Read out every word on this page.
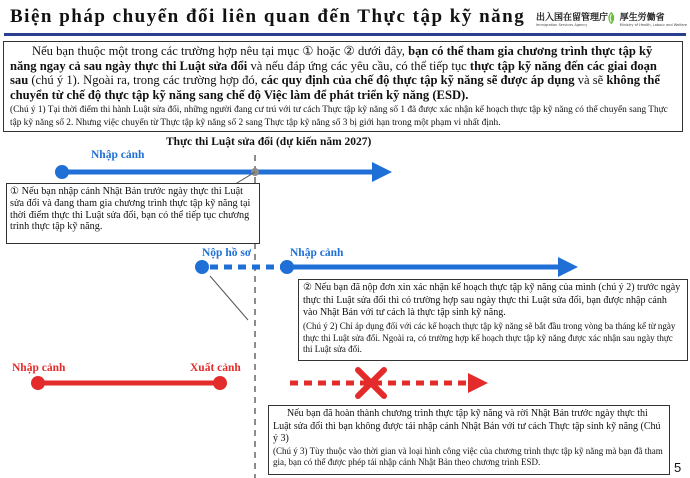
Biện pháp chuyển đổi liên quan đến Thực tập kỹ năng 出入国在留管理庁
Immigration Services Agency
厚生労働省
Ministry of Health, Labour and Welfare
Nếu bạn thuộc một trong các trường hợp nêu tại mục ① hoặc ② dưới đây, bạn có thể tham gia chương trình thực tập kỹ năng ngay cả sau ngày thực thi Luật sửa đổi và nếu đáp ứng các yêu cầu, có thể tiếp tục thực tập kỹ năng đến các giai đoạn sau (chú ý 1). Ngoài ra, trong các trường hợp đó, các quy định của chế độ thực tập kỹ năng sẽ được áp dụng và sẽ không thể chuyển từ chế độ thực tập kỹ năng sang chế độ Việc làm để phát triển kỹ năng (ESD).
(Chú ý 1) Tại thời điểm thi hành Luật sửa đổi, những người đang cư trú với tư cách Thực tập kỹ năng số 1 đã được xác nhận kế hoạch thực tập kỹ năng có thể chuyển sang Thực tập kỹ năng số 2. Nhưng việc chuyển từ Thực tập kỹ năng số 2 sang Thực tập kỹ năng số 3 bị giới hạn trong một phạm vi nhất định.
Thực thi Luật sửa đổi (dự kiến năm 2027)
Nhập cảnh
Nộp hồ sơ	Nhập cảnh
Nhập cảnh	Xuất cảnh
① Nếu bạn nhập cảnh Nhật Bản trước ngày thực thi Luật sửa đổi và đang tham gia chương trình thực tập kỹ năng tại thời điểm thực thi Luật sửa đổi, bạn có thể tiếp tục chương trình thực tập kỹ năng.
② Nếu bạn đã nộp đơn xin xác nhận kế hoạch thực tập kỹ năng của mình (chú ý 2) trước ngày thực thi Luật sửa đổi thì có trường hợp sau ngày thực thi Luật sửa đổi, bạn được nhập cảnh vào Nhật Bản với tư cách là thực tập sinh kỹ năng.
(Chú ý 2) Chỉ áp dụng đối với các kế hoạch thực tập kỹ năng sẽ bắt đầu trong vòng ba tháng kể từ ngày thực thi Luật sửa đổi. Ngoài ra, có trường hợp kế hoạch thực tập kỹ năng được xác nhận sau ngày thực thi Luật sửa đổi.
Nếu bạn đã hoàn thành chương trình thực tập kỹ năng và rời Nhật Bản trước ngày thực thi Luật sửa đổi thì bạn không được tái nhập cảnh Nhật Bản với tư cách Thực tập sinh kỹ năng (Chú ý 3)
(Chú ý 3) Tùy thuộc vào thời gian và loại hình công việc của chương trình thực tập kỹ năng mà bạn đã tham gia, bạn có thể được phép tái nhập cảnh Nhật Bản theo chương trình ESD.	5
